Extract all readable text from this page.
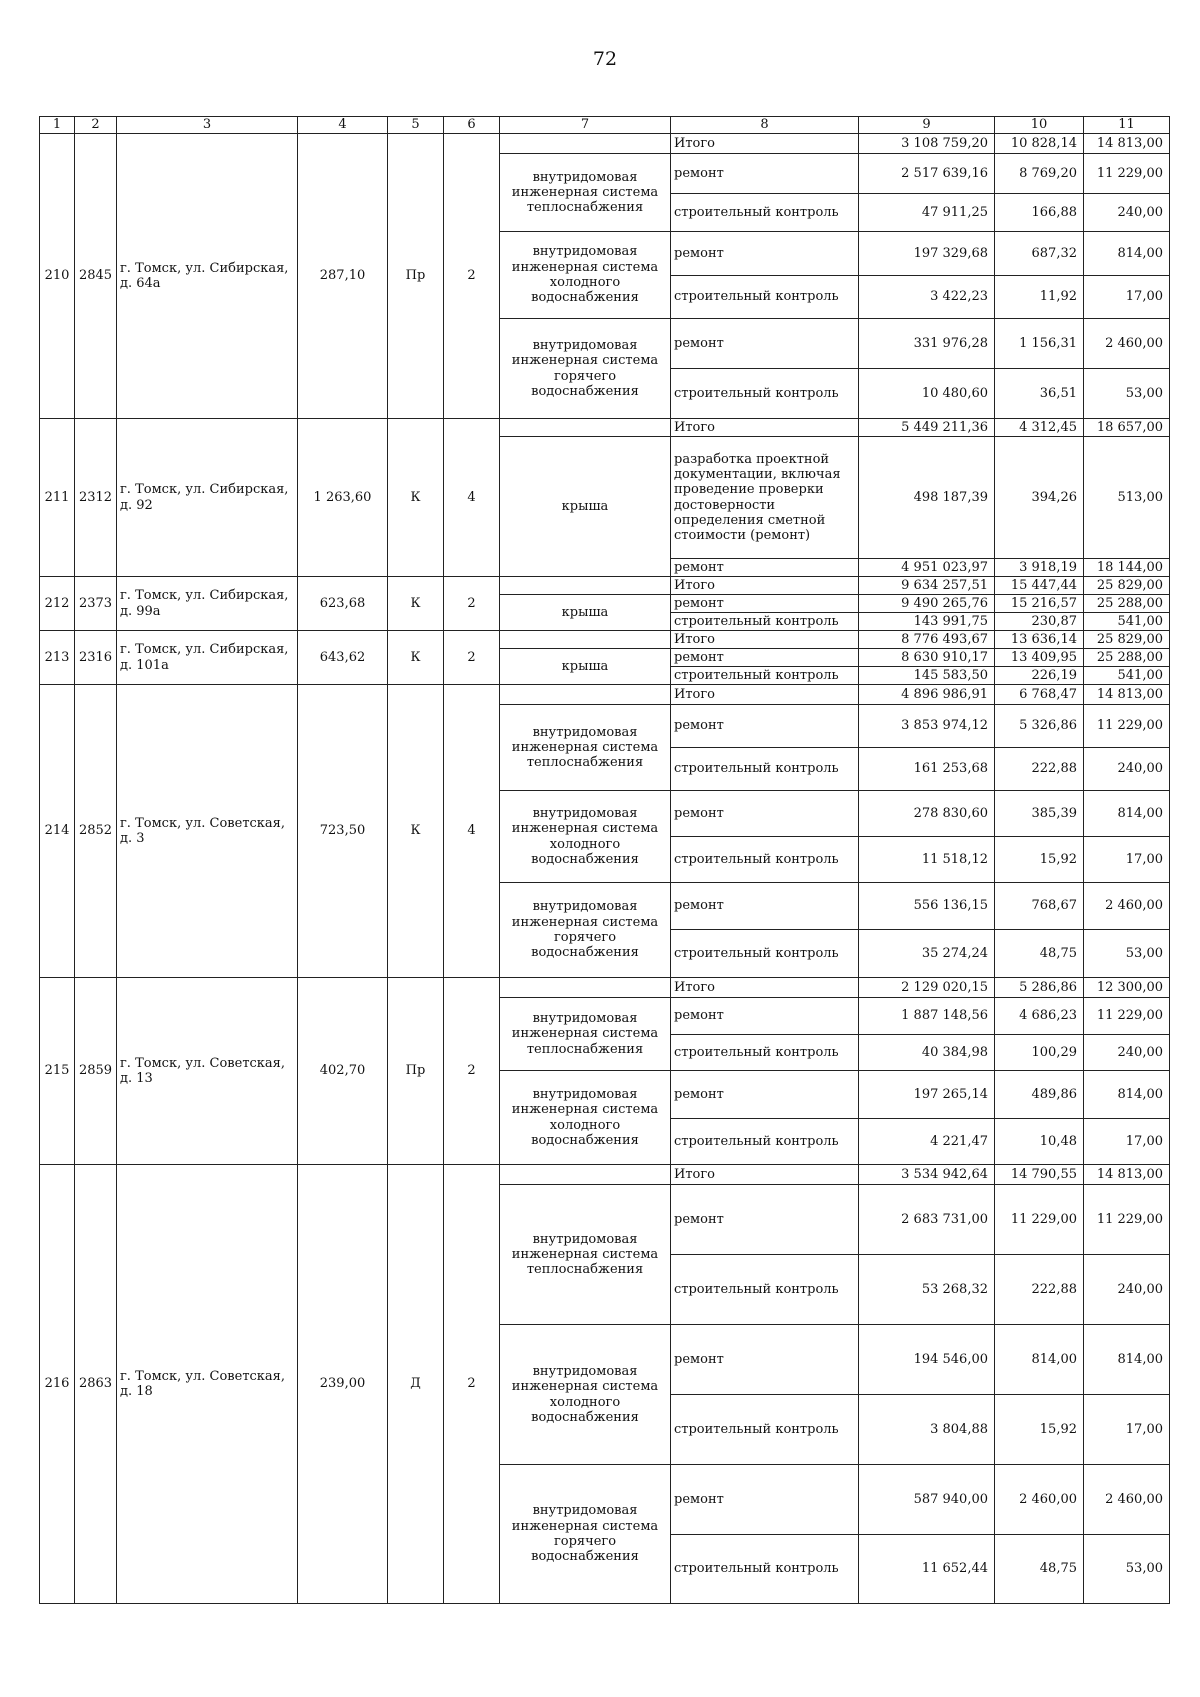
72
1	2	3	4	5	6	7	8	9	10	11
210	2845	г. Томск, ул. Сибирская, д. 64а	287,10	Пр	2		Итого	3 108 759,20	10 828,14	14 813,00
						внутридомовая инженерная система теплоснабжения	ремонт	2 517 639,16	8 769,20	11 229,00
							строительный контроль	47 911,25	166,88	240,00
						внутридомовая инженерная система холодного водоснабжения	ремонт	197 329,68	687,32	814,00
							строительный контроль	3 422,23	11,92	17,00
						внутридомовая инженерная система горячего водоснабжения	ремонт	331 976,28	1 156,31	2 460,00
							строительный контроль	10 480,60	36,51	53,00
211	2312	г. Томск, ул. Сибирская, д. 92	1 263,60	К	4		Итого	5 449 211,36	4 312,45	18 657,00
						крыша	разработка проектной документации, включая проведение проверки достоверности определения сметной стоимости (ремонт)	498 187,39	394,26	513,00
							ремонт	4 951 023,97	3 918,19	18 144,00
212	2373	г. Томск, ул. Сибирская, д. 99а	623,68	К	2		Итого	9 634 257,51	15 447,44	25 829,00
						крыша	ремонт	9 490 265,76	15 216,57	25 288,00
							строительный контроль	143 991,75	230,87	541,00
213	2316	г. Томск, ул. Сибирская, д. 101а	643,62	К	2		Итого	8 776 493,67	13 636,14	25 829,00
						крыша	ремонт	8 630 910,17	13 409,95	25 288,00
							строительный контроль	145 583,50	226,19	541,00
214	2852	г. Томск, ул. Советская, д. 3	723,50	К	4		Итого	4 896 986,91	6 768,47	14 813,00
						внутридомовая инженерная система теплоснабжения	ремонт	3 853 974,12	5 326,86	11 229,00
							строительный контроль	161 253,68	222,88	240,00
						внутридомовая инженерная система холодного водоснабжения	ремонт	278 830,60	385,39	814,00
							строительный контроль	11 518,12	15,92	17,00
						внутридомовая инженерная система горячего водоснабжения	ремонт	556 136,15	768,67	2 460,00
							строительный контроль	35 274,24	48,75	53,00
215	2859	г. Томск, ул. Советская, д. 13	402,70	Пр	2		Итого	2 129 020,15	5 286,86	12 300,00
						внутридомовая инженерная система теплоснабжения	ремонт	1 887 148,56	4 686,23	11 229,00
							строительный контроль	40 384,98	100,29	240,00
						внутридомовая инженерная система холодного водоснабжения	ремонт	197 265,14	489,86	814,00
							строительный контроль	4 221,47	10,48	17,00
216	2863	г. Томск, ул. Советская, д. 18	239,00	Д	2		Итого	3 534 942,64	14 790,55	14 813,00
						внутридомовая инженерная система теплоснабжения	ремонт	2 683 731,00	11 229,00	11 229,00
							строительный контроль	53 268,32	222,88	240,00
						внутридомовая инженерная система холодного водоснабжения	ремонт	194 546,00	814,00	814,00
							строительный контроль	3 804,88	15,92	17,00
						внутридомовая инженерная система горячего водоснабжения	ремонт	587 940,00	2 460,00	2 460,00
							строительный контроль	11 652,44	48,75	53,00
